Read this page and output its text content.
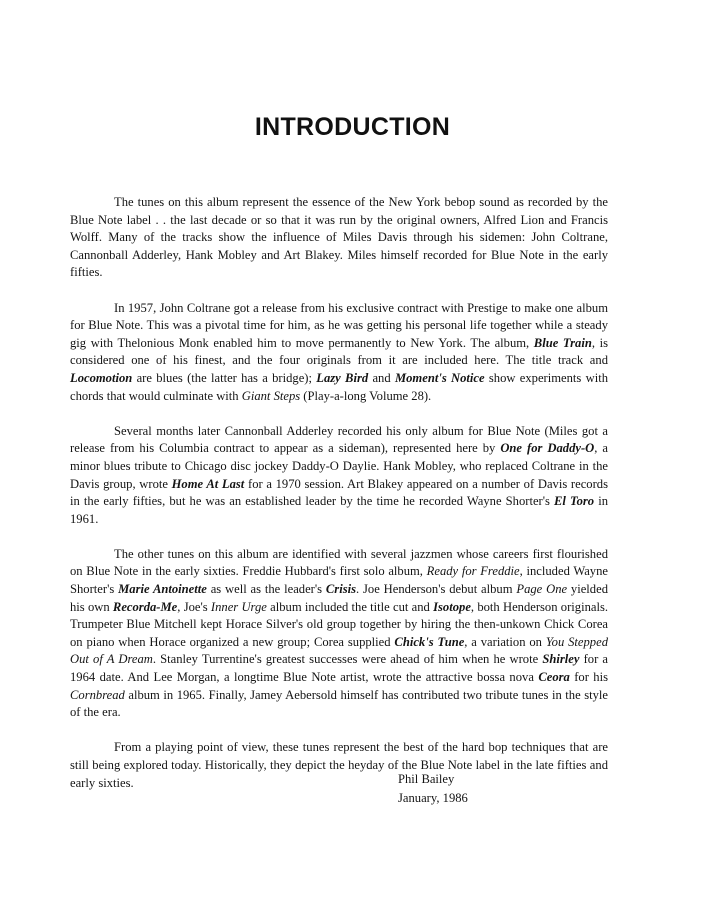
INTRODUCTION

The tunes on this album represent the essence of the New York bebop sound as recorded by the Blue Note label . . the last decade or so that it was run by the original owners, Alfred Lion and Francis Wolff. Many of the tracks show the influence of Miles Davis through his sidemen: John Coltrane, Cannonball Adderley, Hank Mobley and Art Blakey. Miles himself recorded for Blue Note in the early fifties.

In 1957, John Coltrane got a release from his exclusive contract with Prestige to make one album for Blue Note. This was a pivotal time for him, as he was getting his personal life together while a steady gig with Thelonious Monk enabled him to move permanently to New York. The album, Blue Train, is considered one of his finest, and the four originals from it are included here. The title track and Locomotion are blues (the latter has a bridge); Lazy Bird and Moment's Notice show experiments with chords that would culminate with Giant Steps (Play-a-long Volume 28).

Several months later Cannonball Adderley recorded his only album for Blue Note (Miles got a release from his Columbia contract to appear as a sideman), represented here by One for Daddy-O, a minor blues tribute to Chicago disc jockey Daddy-O Daylie. Hank Mobley, who replaced Coltrane in the Davis group, wrote Home At Last for a 1970 session. Art Blakey appeared on a number of Davis records in the early fifties, but he was an established leader by the time he recorded Wayne Shorter's El Toro in 1961.

The other tunes on this album are identified with several jazzmen whose careers first flourished on Blue Note in the early sixties. Freddie Hubbard's first solo album, Ready for Freddie, included Wayne Shorter's Marie Antoinette as well as the leader's Crisis. Joe Henderson's debut album Page One yielded his own Recorda-Me, Joe's Inner Urge album included the title cut and Isotope, both Henderson originals. Trumpeter Blue Mitchell kept Horace Silver's old group together by hiring the then-unkown Chick Corea on piano when Horace organized a new group; Corea supplied Chick's Tune, a variation on You Stepped Out of A Dream. Stanley Turrentine's greatest successes were ahead of him when he wrote Shirley for a 1964 date. And Lee Morgan, a longtime Blue Note artist, wrote the attractive bossa nova Ceora for his Cornbread album in 1965. Finally, Jamey Aebersold himself has contributed two tribute tunes in the style of the era.

From a playing point of view, these tunes represent the best of the hard bop techniques that are still being explored today. Historically, they depict the heyday of the Blue Note label in the late fifties and early sixties.	Phil Bailey
January, 1986
